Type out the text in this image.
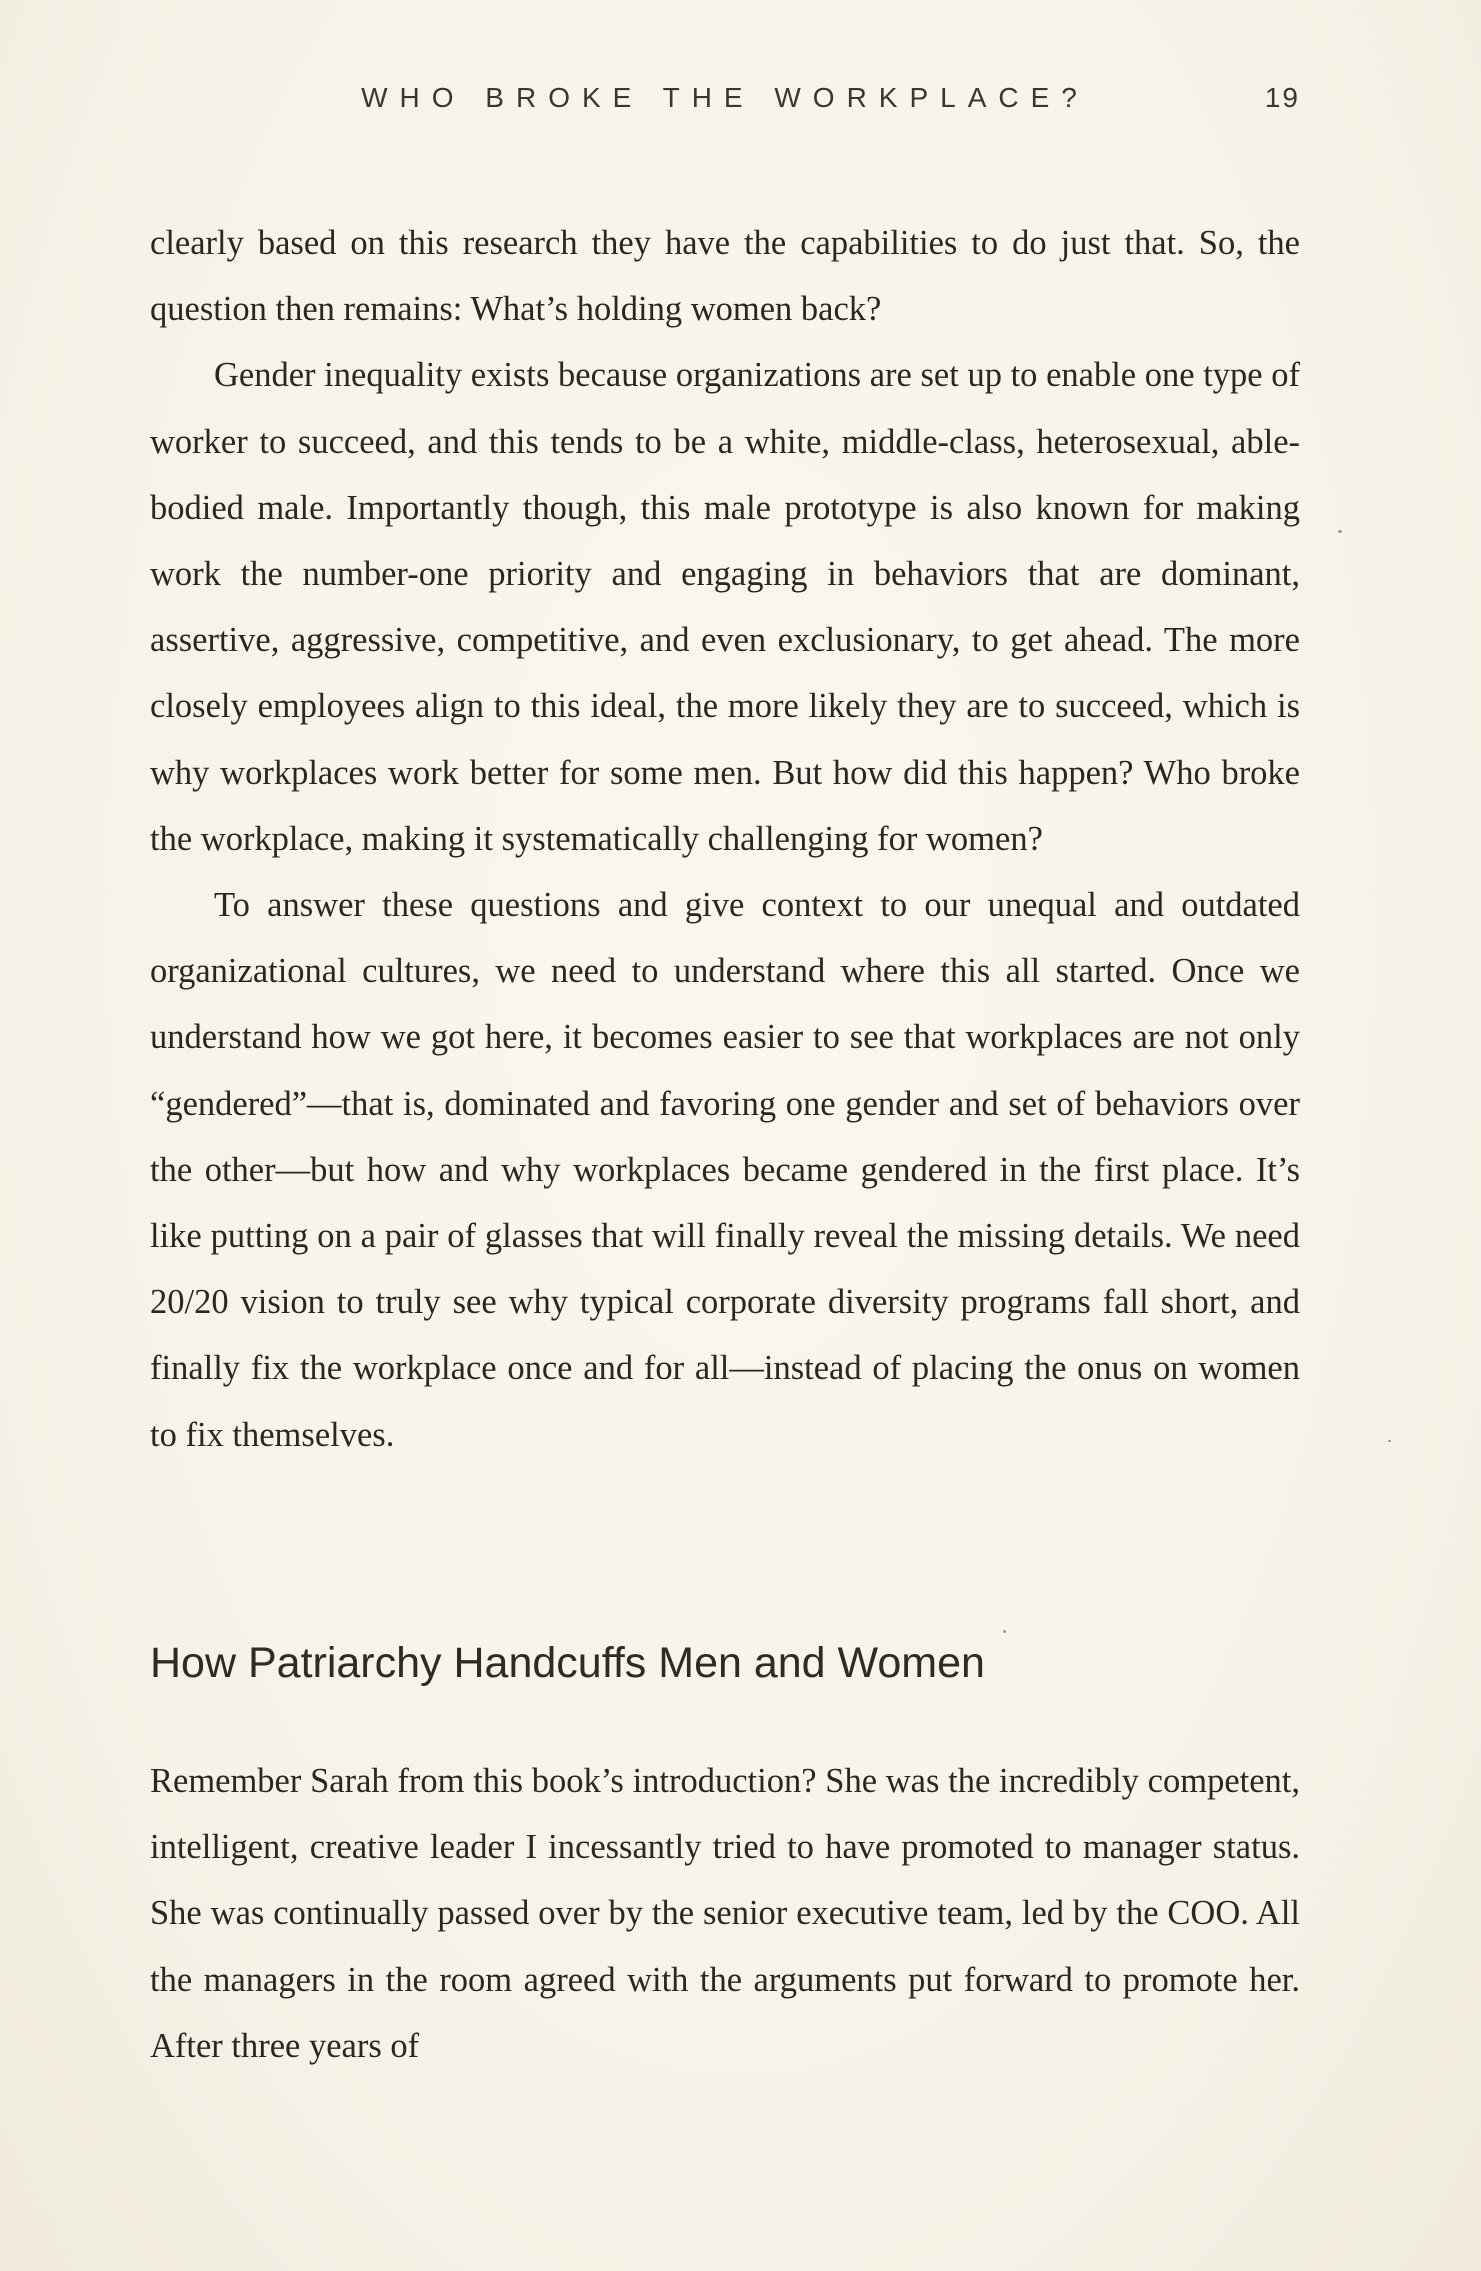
WHO BROKE THE WORKPLACE?	19

clearly based on this research they have the capabilities to do just that. So, the question then remains: What’s holding women back?

Gender inequality exists because organizations are set up to enable one type of worker to succeed, and this tends to be a white, middle-class, heterosexual, able-bodied male. Importantly though, this male prototype is also known for making work the number-one priority and engaging in behaviors that are dominant, assertive, aggressive, competitive, and even exclusionary, to get ahead. The more closely employees align to this ideal, the more likely they are to succeed, which is why workplaces work better for some men. But how did this happen? Who broke the workplace, making it systematically challenging for women?

To answer these questions and give context to our unequal and outdated organizational cultures, we need to understand where this all started. Once we understand how we got here, it becomes easier to see that workplaces are not only “gendered”—that is, dominated and favoring one gender and set of behaviors over the other—but how and why workplaces became gendered in the first place. It’s like putting on a pair of glasses that will finally reveal the missing details. We need 20/20 vision to truly see why typical corporate diversity programs fall short, and finally fix the workplace once and for all—instead of placing the onus on women to fix themselves.

How Patriarchy Handcuffs Men and Women

Remember Sarah from this book’s introduction? She was the incredibly competent, intelligent, creative leader I incessantly tried to have promoted to manager status. She was continually passed over by the senior executive team, led by the COO. All the managers in the room agreed with the arguments put forward to promote her. After three years of
